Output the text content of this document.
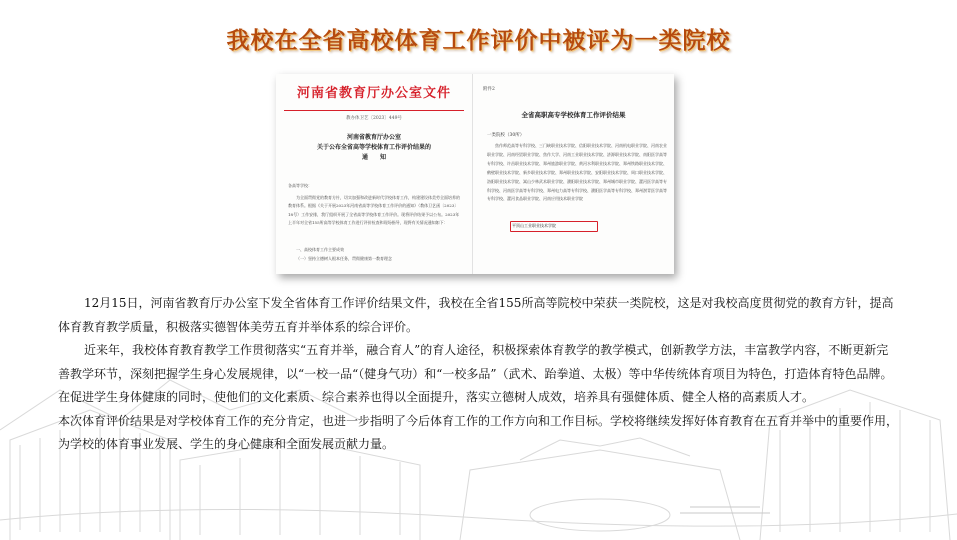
我校在全省高校体育工作评价中被评为一类院校
河南省教育厅办公室文件
教办体卫艺〔2023〕449号
河南省教育厅办公室
关于公布全省高等学校体育工作评价结果的
通　　知
各高等学校：
为全面贯彻党的教育方针，切实加强和改进新时代学校体育工作，构建建设体美劳全面培养的教育体系。根据《关于开展2023年河南省高等学校体育工作评价的通知》（教体卫艺函〔2023〕18号）工作安排，我厅组织开展了全省高等学校体育工作评价。现将评价结果予以公布。2023年上半年对全省155所高等学校体育工作进行评价检查和现场指导，现将有关情况通知如下：
一、高校体育工作主要成效
（一）坚持立德树人根本任务，贯彻健康第一教育理念
附件2
全省高职高专学校体育工作评价结果
一类院校（30所）
焦作师范高等专科学校、三门峡职业技术学院、信阳职业技术学院、河南机电职业学院、河南农业职业学院、河南经贸职业学院、焦作大学、河南工业职业技术学院、济源职业技术学院、南阳医学高等专科学校、许昌职业技术学院、郑州旅游职业学院、黄河水利职业技术学院、郑州铁路职业技术学院、鹤壁职业技术学院、新乡职业技术学院、郑州职业技术学院、安阳职业技术学院、周口职业技术学院、洛阳职业技术学院、嵩山少林武术职业学院、濮阳职业技术学院、郑州城市职业学院、漯河医学高等专科学校、河南医学高等专科学校、郑州电力高等专科学校、濮阳医学高等专科学校、郑州澍青医学高等专科学校、漯河食品职业学院、河南应用技术职业学院
平顶山工业职业技术学院

12月15日，河南省教育厅办公室下发全省体育工作评价结果文件，我校在全省155所高等院校中荣获一类院校，这是对我校高度贯彻党的教育方针，提高体育教育教学质量，积极落实德智体美劳五育并举体系的综合评价。

近来年，我校体育教育教学工作贯彻落实“五育并举，融合育人”的育人途径，积极探索体育教学的教学模式，创新教学方法，丰富教学内容，不断更新完善教学环节，深刻把握学生身心发展规律，以“一校一品“（健身气功）和“一校多品”（武术、跆拳道、太极）等中华传统体育项目为特色，打造体育特色品牌。在促进学生身体健康的同时，使他们的文化素质、综合素养也得以全面提升，落实立德树人成效，培养具有强健体质、健全人格的高素质人才。

本次体育评价结果是对学校体育工作的充分肯定，也进一步指明了今后体育工作的工作方向和工作目标。学校将继续发挥好体育教育在五育并举中的重要作用，为学校的体育事业发展、学生的身心健康和全面发展贡献力量。
